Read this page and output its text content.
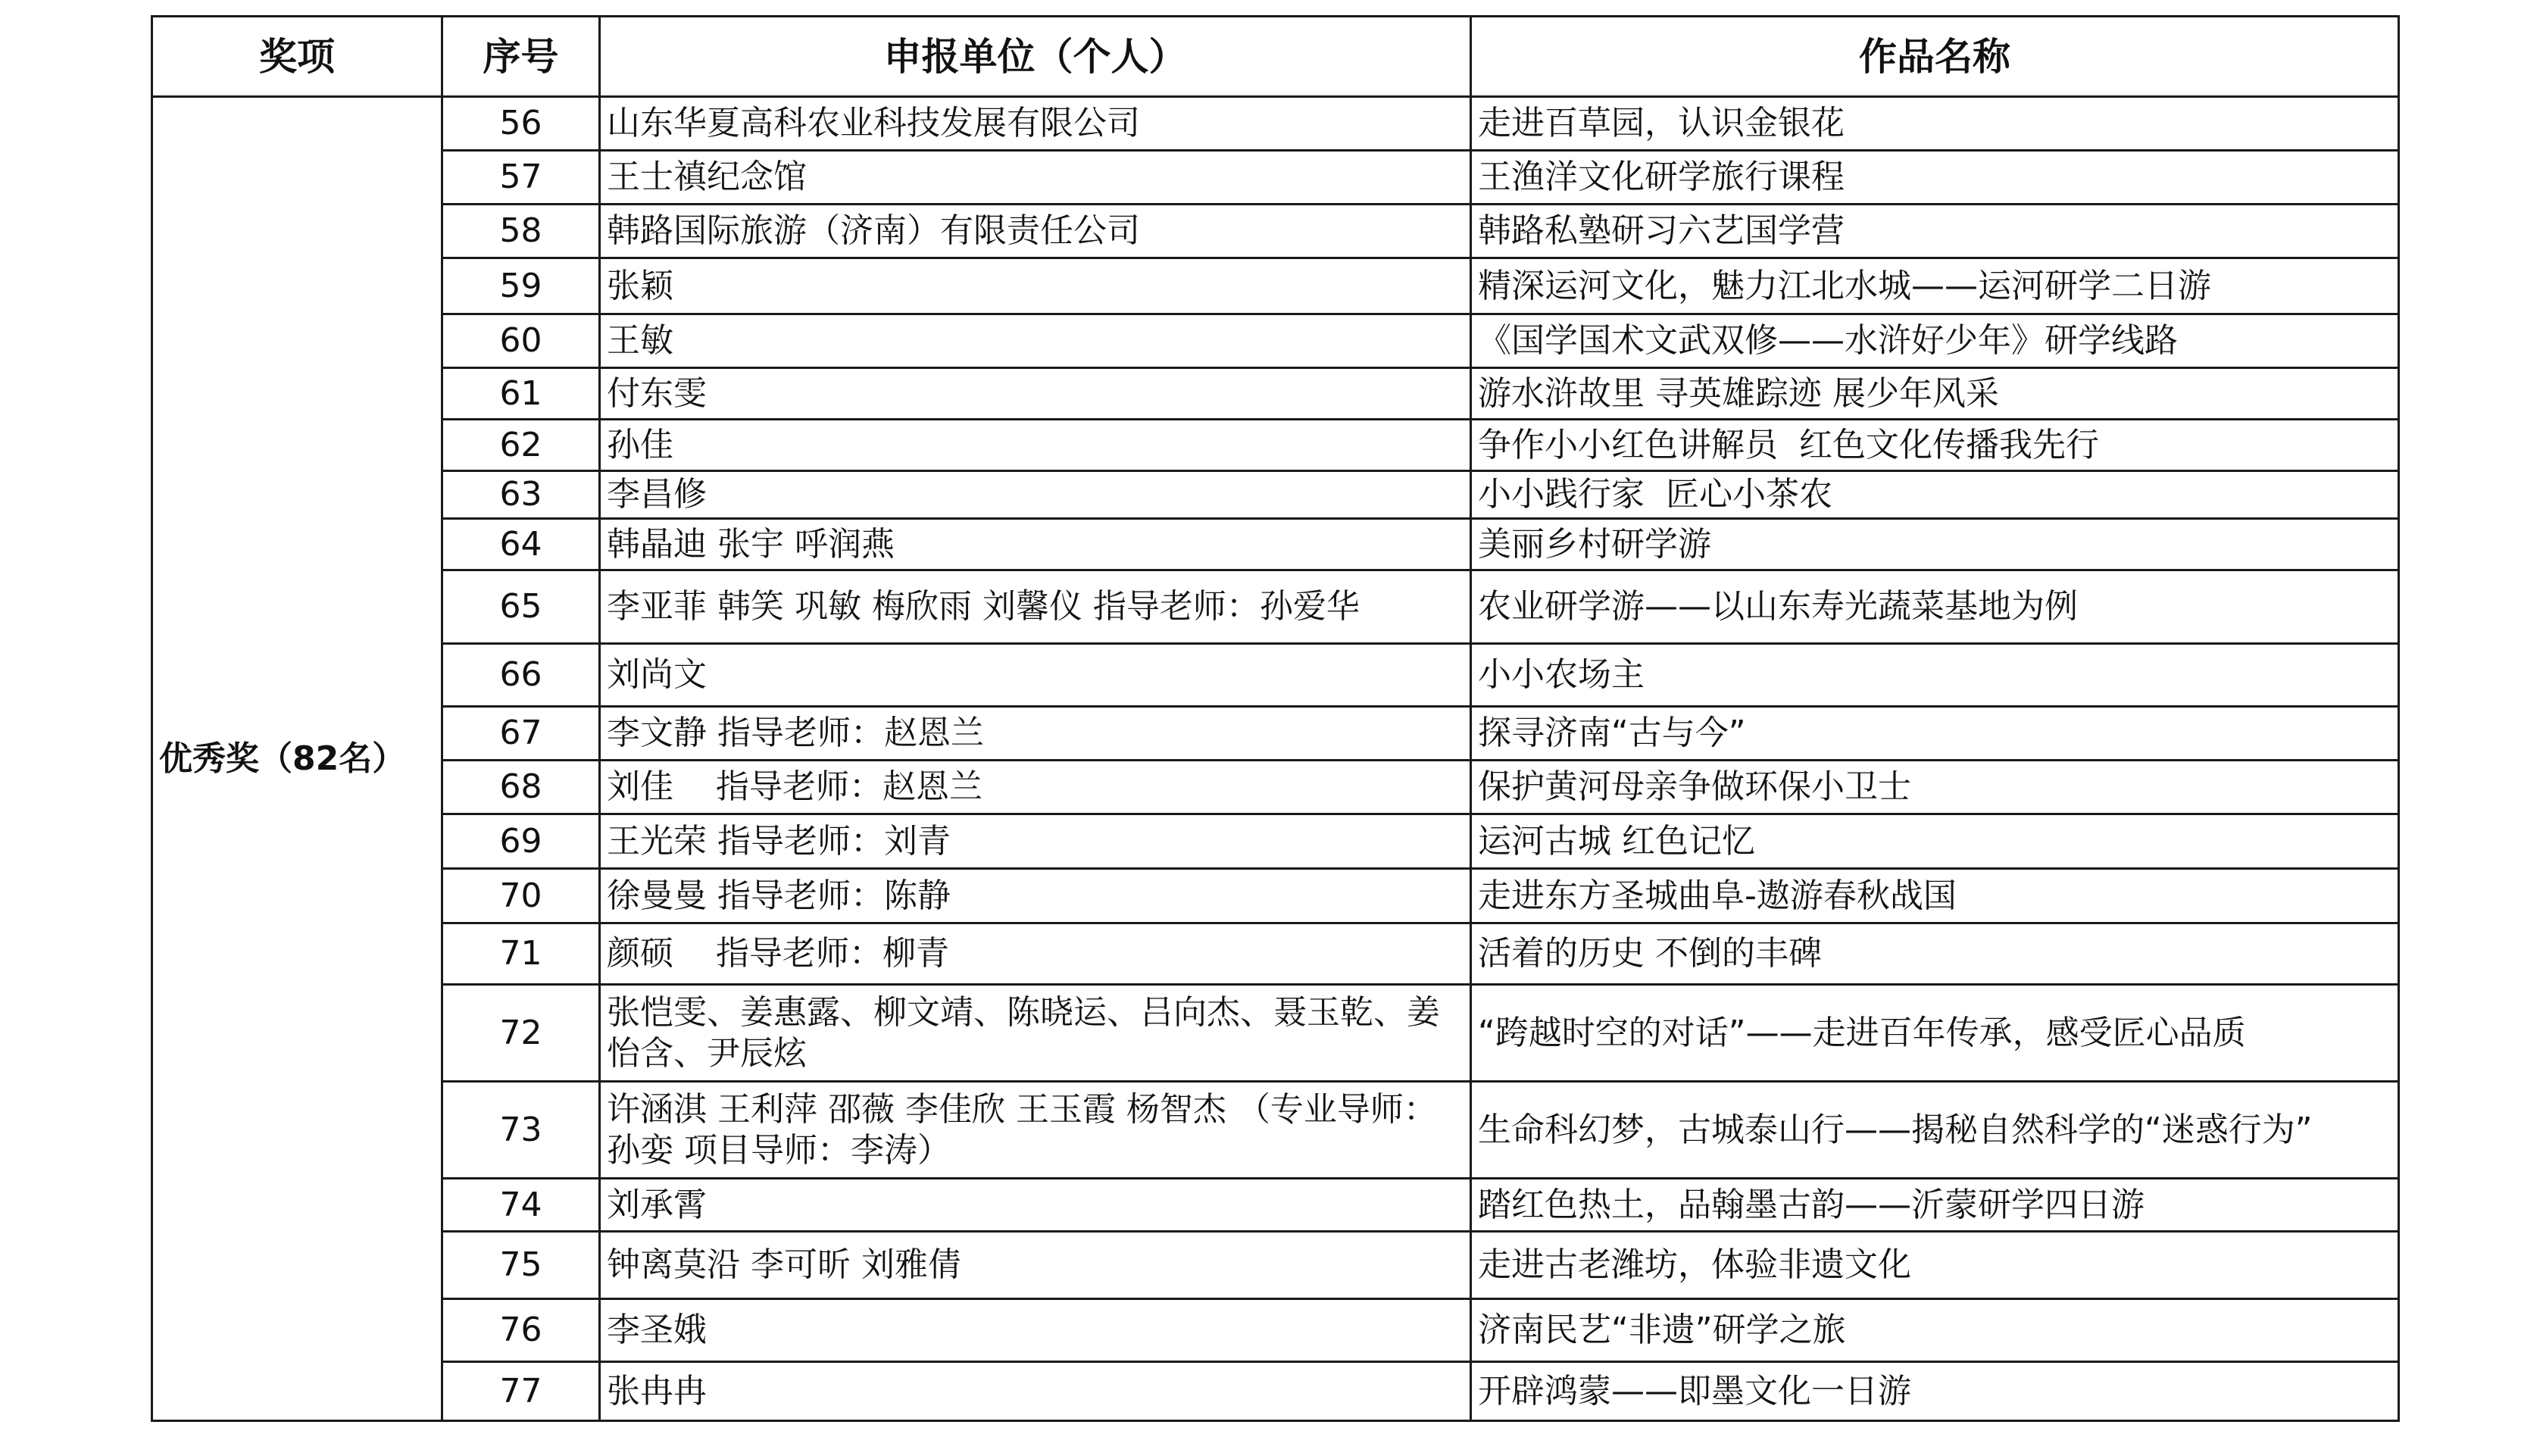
奖项	序号	申报单位（个人）	作品名称
优秀奖（82名）	56	山东华夏高科农业科技发展有限公司	走进百草园，认识金银花
	57	王士禛纪念馆	王渔洋文化研学旅行课程
	58	韩路国际旅游（济南）有限责任公司	韩路私塾研习六艺国学营
	59	张颖	精深运河文化，魅力江北水城——运河研学二日游
	60	王敏	《国学国术文武双修——水浒好少年》研学线路
	61	付东雯	游水浒故里 寻英雄踪迹 展少年风采
	62	孙佳	争作小小红色讲解员  红色文化传播我先行
	63	李昌修	小小践行家  匠心小茶农
	64	韩晶迪 张宇 呼润燕	美丽乡村研学游
	65	李亚菲 韩笑 巩敏 梅欣雨 刘馨仪 指导老师：孙爱华	农业研学游——以山东寿光蔬菜基地为例
	66	刘尚文	小小农场主
	67	李文静 指导老师：赵恩兰	探寻济南“古与今”
	68	刘佳    指导老师：赵恩兰	保护黄河母亲争做环保小卫士
	69	王光荣 指导老师：刘青	运河古城 红色记忆
	70	徐曼曼 指导老师：陈静	走进东方圣城曲阜-遨游春秋战国
	71	颜硕    指导老师：柳青	活着的历史 不倒的丰碑
	72	张恺雯、姜惠露、柳文靖、陈晓运、吕向杰、聂玉乾、姜怡含、尹辰炫	“跨越时空的对话”——走进百年传承，感受匠心品质
	73	许涵淇 王利萍 邵薇 李佳欣 王玉霞 杨智杰 （专业导师：孙娈 项目导师：李涛）	生命科幻梦，古城泰山行——揭秘自然科学的“迷惑行为”
	74	刘承霄	踏红色热土，品翰墨古韵——沂蒙研学四日游
	75	钟离莫沿 李可昕 刘雅倩	走进古老潍坊，体验非遗文化
	76	李圣娥	济南民艺“非遗”研学之旅
	77	张冉冉	开辟鸿蒙——即墨文化一日游
